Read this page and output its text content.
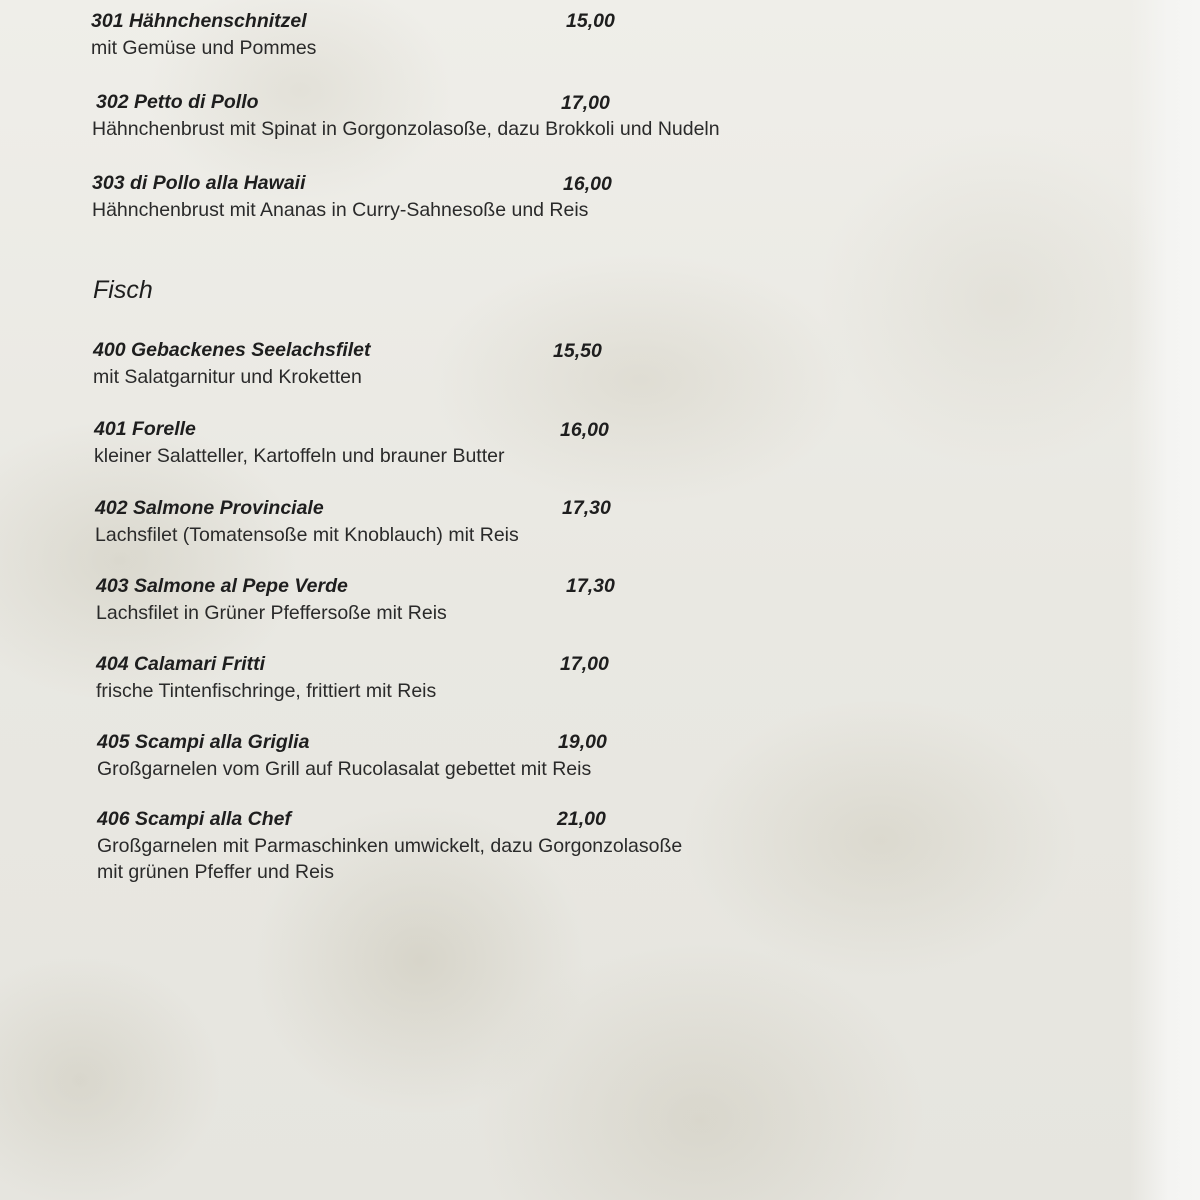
301 Hähnchenschnitzel
mit Gemüse und Pommes
15,00
302 Petto di Pollo
Hähnchenbrust mit Spinat in Gorgonzolasoße, dazu Brokkoli und Nudeln
17,00
303 di Pollo alla Hawaii
Hähnchenbrust mit Ananas in Curry-Sahnesoße und Reis
16,00
Fisch
400 Gebackenes Seelachsfilet
mit Salatgarnitur und Kroketten
15,50
401 Forelle
kleiner Salatteller, Kartoffeln und brauner Butter
16,00
402 Salmone Provinciale
Lachsfilet (Tomatensoße mit Knoblauch) mit Reis
17,30
403 Salmone al Pepe Verde
Lachsfilet in Grüner Pfeffersoße mit Reis
17,30
404 Calamari Fritti
frische Tintenfischringe, frittiert mit Reis
17,00
405 Scampi alla Griglia
Großgarnelen vom Grill auf Rucolasalat gebettet mit Reis
19,00
406 Scampi alla Chef
Großgarnelen mit Parmaschinken umwickelt, dazu Gorgonzolasoße
mit grünen Pfeffer und Reis
21,00
